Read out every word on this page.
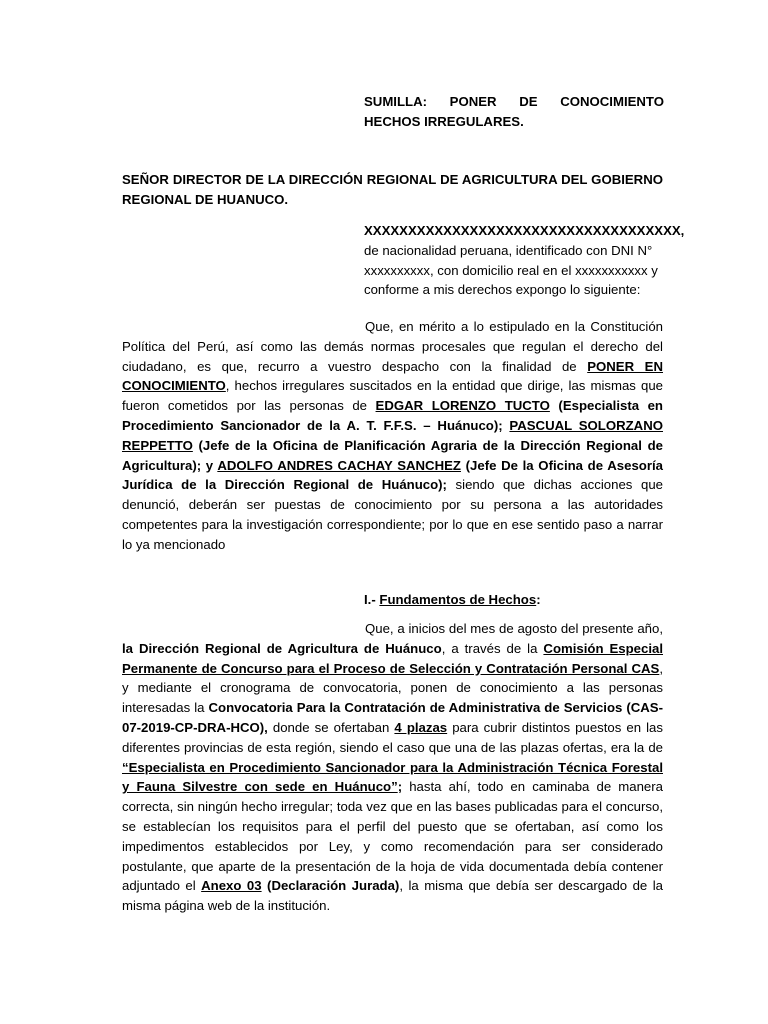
SUMILLA: PONER DE CONOCIMIENTO HECHOS IRREGULARES.
SEÑOR DIRECTOR DE LA DIRECCIÓN REGIONAL DE AGRICULTURA DEL GOBIERNO REGIONAL DE HUANUCO.
XXXXXXXXXXXXXXXXXXXXXXXXXXXXXXXXXXXX,
de nacionalidad peruana, identificado con DNI N°
xxxxxxxxxx, con domicilio real en el xxxxxxxxxxx y
conforme a mis derechos expongo lo siguiente:
Que, en mérito a lo estipulado en la Constitución Política del Perú, así como las demás normas procesales que regulan el derecho del ciudadano, es que, recurro a vuestro despacho con la finalidad de PONER EN CONOCIMIENTO, hechos irregulares suscitados en la entidad que dirige, las mismas que fueron cometidos por las personas de EDGAR LORENZO TUCTO (Especialista en Procedimiento Sancionador de la A. T. F.F.S. – Huánuco); PASCUAL SOLORZANO REPPETTO (Jefe de la Oficina de Planificación Agraria de la Dirección Regional de Agricultura); y ADOLFO ANDRES CACHAY SANCHEZ (Jefe De la Oficina de Asesoría Jurídica de la Dirección Regional de Huánuco); siendo que dichas acciones que denunció, deberán ser puestas de conocimiento por su persona a las autoridades competentes para la investigación correspondiente; por lo que en ese sentido paso a narrar lo ya mencionado
I.- Fundamentos de Hechos:
Que, a inicios del mes de agosto del presente año, la Dirección Regional de Agricultura de Huánuco, a través de la Comisión Especial Permanente de Concurso para el Proceso de Selección y Contratación Personal CAS, y mediante el cronograma de convocatoria, ponen de conocimiento a las personas interesadas la Convocatoria Para la Contratación de Administrativa de Servicios (CAS-07-2019-CP-DRA-HCO), donde se ofertaban 4 plazas para cubrir distintos puestos en las diferentes provincias de esta región, siendo el caso que una de las plazas ofertas, era la de “Especialista en Procedimiento Sancionador para la Administración Técnica Forestal y Fauna Silvestre con sede en Huánuco”; hasta ahí, todo en caminaba de manera correcta, sin ningún hecho irregular; toda vez que en las bases publicadas para el concurso, se establecían los requisitos para el perfil del puesto que se ofertaban, así como los impedimentos establecidos por Ley, y como recomendación para ser considerado postulante, que aparte de la presentación de la hoja de vida documentada debía contener adjuntado el Anexo 03 (Declaración Jurada), la misma que debía ser descargado de la misma página web de la institución.
